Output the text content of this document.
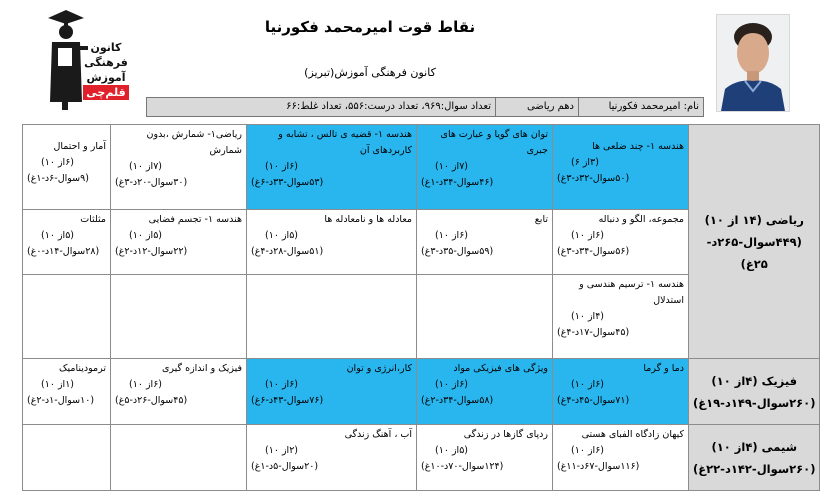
کانون
فرهنگی
آموزش
قلم‌چی
نقاط قوت امیرمحمد فکورنیا
کانون فرهنگی آموزش(تبریز)
نام: امیرمحمد فکورنیا
دهم ریاضی
تعداد سوال:۹۶۹، تعداد درست:۵۵۶، تعداد غلط:۶۶
ریاضی (۱۴ از ۱۰)
(۴۴۹سوال-۲۶۵د-
۲۵غ)	هندسه ۱- چند ضلعی ها
(۳از ۶)
(۵۰سوال-۳۲د-۳غ)	توان های گویا و عبارت های جبری
(۷از ۱۰)
(۴۶سوال-۳۴د-۱غ)	هندسه ۱- قضیه ی تالس ، تشابه و کاربردهای آن
(۶از ۱۰)
(۵۳سوال-۳۳د-۶غ)	ریاضی۱- شمارش ،بدون شمارش
(۷از ۱۰)
(۳۰سوال-۲۰د-۳غ)	آمار و احتمال
(۶از ۱۰)
(۹سوال-۶د-۱غ)

	مجموعه، الگو و دنباله
(۶از ۱۰)
(۵۶سوال-۳۴د-۳غ)	تابع
(۶از ۱۰)
(۵۹سوال-۳۵د-۳غ)	معادله ها و نامعادله ها
(۵از ۱۰)
(۵۱سوال-۲۸د-۴غ)	هندسه ۱- تجسم فضایی
(۵از ۱۰)
(۲۲سوال-۱۲د-۲غ)	مثلثات
(۵از ۱۰)
(۲۸سوال-۱۴د-۰غ)

	هندسه ۱- ترسیم هندسی و استدلال
(۴از ۱۰)
(۴۵سوال-۱۷د-۴غ)				

فیزیک (۴از ۱۰)
(۲۶۰سوال-۱۴۹د-۱۹غ)	دما و گرما
(۶از ۱۰)
(۷۱سوال-۴۵د-۴غ)	ویژگی های فیزیکی مواد
(۶از ۱۰)
(۵۸سوال-۳۴د-۲غ)	کار،انرژی و توان
(۶از ۱۰)
(۷۶سوال-۴۳د-۶غ)	فیزیک و اندازه گیری
(۶از ۱۰)
(۴۵سوال-۲۶د-۵غ)	ترمودینامیک
(۱از ۱۰)
(۱۰سوال-۱د-۲غ)

شیمی (۴از ۱۰)
(۲۶۰سوال-۱۴۲د-۲۲غ)	کیهان زادگاه الفبای هستی
(۶از ۱۰)
(۱۱۶سوال-۶۷د-۱۱غ)	ردپای گازها در زندگی
(۵از ۱۰)
(۱۲۴سوال-۷۰د-۱۰غ)	آب ، آهنگ زندگی
(۲از ۱۰)
(۲۰سوال-۵د-۱غ)		
